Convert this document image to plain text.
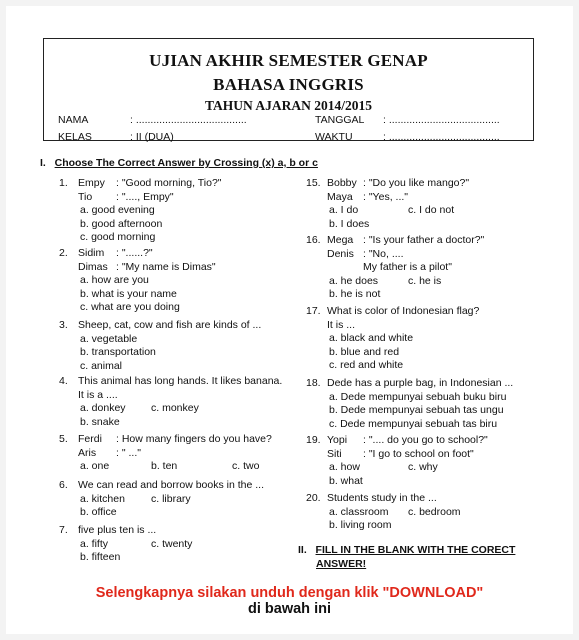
UJIAN AKHIR SEMESTER GENAP
BAHASA INGGRIS
TAHUN AJARAN 2014/2015
NAMA	: ......................................	TANGGAL : ......................................
KELAS	: II (DUA)	WAKTU	: ......................................
I. Choose The Correct Answer by Crossing (x) a, b or c
1. Empy : "Good morning, Tio?"
Tio : "...., Empy"
a. good evening
b. good afternoon
c. good morning
2. Sidim : "......?"
Dimas : "My name is Dimas"
a. how are you
b. what is your name
c. what are you doing
3. Sheep, cat, cow and fish are kinds of ...
a. vegetable
b. transportation
c. animal
4. This animal has long hands. It likes banana.
It is a ....
a. donkey c. monkey
b. snake
5. Ferdi : How many fingers do you have?
Aris : " ..."
a. one	b. ten	c. two
6. We can read and borrow books in the ...
a. kitchen c. library
b. office
7. five plus ten is ...
a. fifty	c. twenty
b. fifteen
15. Bobby : "Do you like mango?"
Maya : "Yes, ..."
a. I do	c. I do not
b. I does
16. Mega : "Is your father a doctor?"
Denis : "No, ....
My father is a pilot"
a. he does	c. he is
b. he is not
17. What is color of Indonesian flag?
It is ...
a. black and white
b. blue and red
c. red and white
18. Dede has a purple bag, in Indonesian ...
a. Dede mempunyai sebuah buku biru
b. Dede mempunyai sebuah tas ungu
c. Dede mempunyai sebuah tas biru
19. Yopi : ".... do you go to school?"
Siti : "I go to school on foot"
a. how	c. why
b. what
20. Students study in the ...
a. classroom c. bedroom
b. living room
II. FILL IN THE BLANK WITH THE CORECT
ANSWER!
Selengkapnya silakan unduh dengan klik "DOWNLOAD"
di bawah ini
